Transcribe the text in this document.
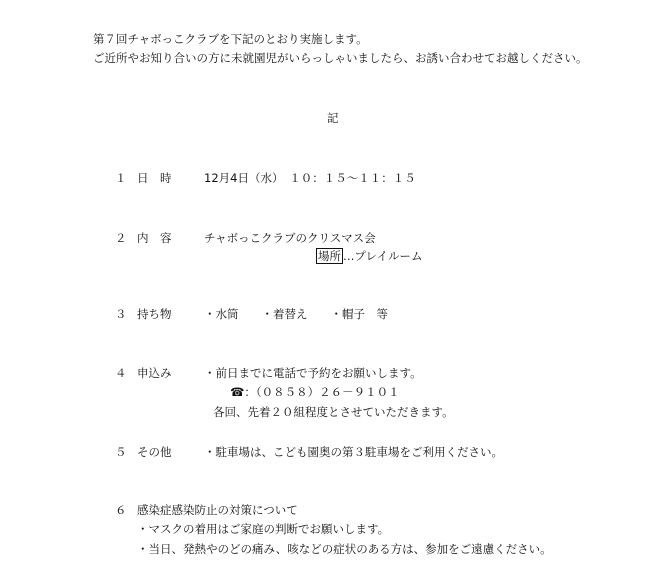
第７回チャボっこクラブを下記のとおり実施します。
ご近所やお知り合いの方に未就園児がいらっしゃいましたら、お誘い合わせてお越しください。
記
１ 日　時	12月4日（水）　１０：１５～１１：１５
２ 内　容	チャボっこクラブのクリスマス会
場所 …プレイルーム
３ 持ち物	・水筒　　・着替え　　・帽子　等
４ 申込み	・前日までに電話で予約をお願いします。
☎：（０８５８）２６－９１０１
各回、先着２０組程度とさせていただきます。
５ その他	・駐車場は、こども園奥の第３駐車場をご利用ください。
６ 感染症感染防止の対策について
・マスクの着用はご家庭の判断でお願いします。
・当日、発熱やのどの痛み、咳などの症状のある方は、参加をご遠慮ください。
